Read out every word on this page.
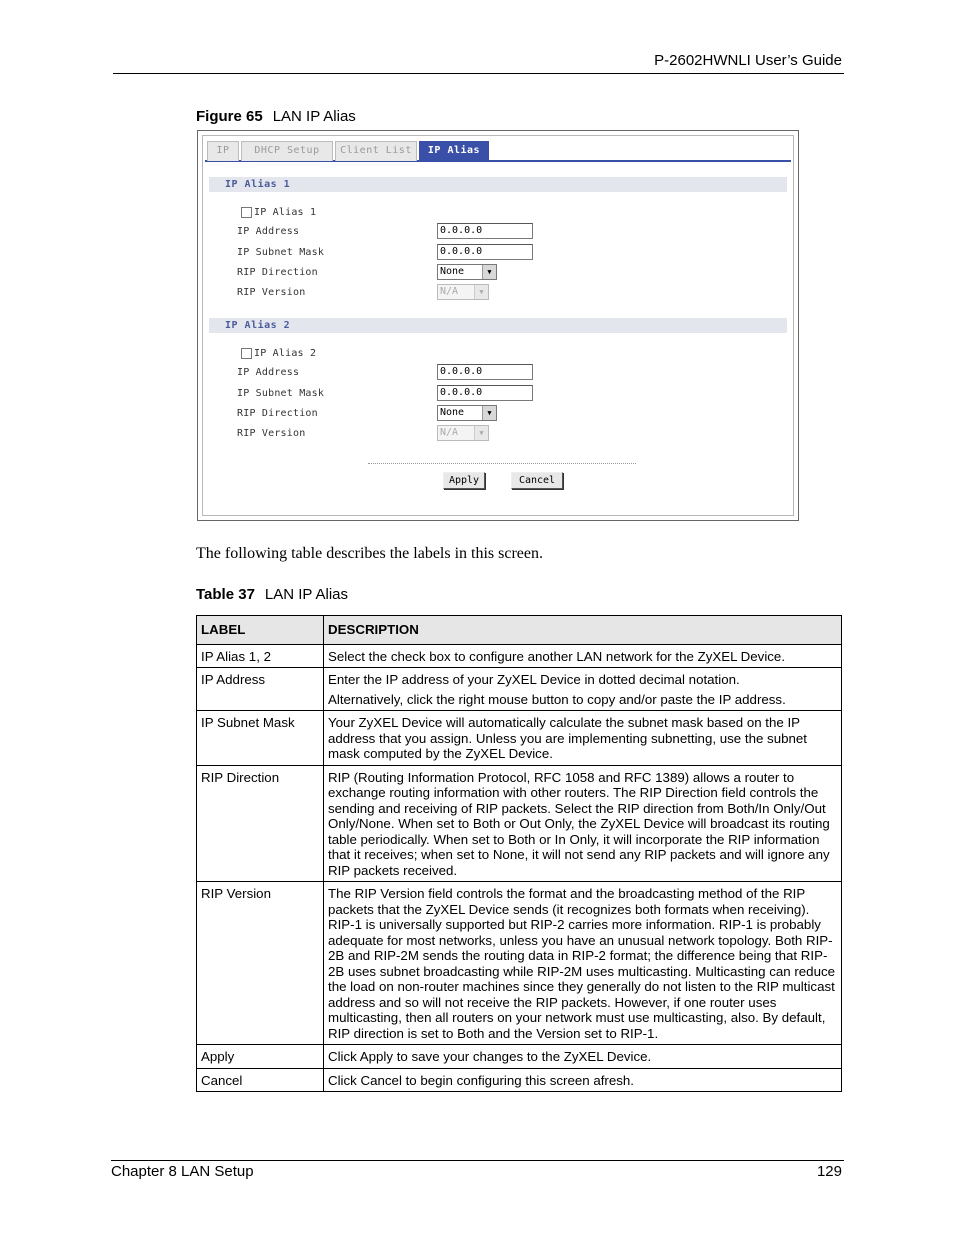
P-2602HWNLI User’s Guide
Figure 65 LAN IP Alias
IP	DHCP Setup	Client List	IP Alias
IP Alias 1
IP Alias 1
IP Address	0.0.0.0
IP Subnet Mask	0.0.0.0
RIP Direction	None	▼
RIP Version	N/A	▼
IP Alias 2
IP Alias 2
IP Address	0.0.0.0
IP Subnet Mask	0.0.0.0
RIP Direction	None	▼
RIP Version	N/A	▼
Apply	Cancel
The following table describes the labels in this screen.
Table 37 LAN IP Alias
LABEL	DESCRIPTION
IP Alias 1, 2	Select the check box to configure another LAN network for the ZyXEL Device.
IP Address	Enter the IP address of your ZyXEL Device in dotted decimal notation.

Alternatively, click the right mouse button to copy and/or paste the IP address.

IP Subnet Mask	Your ZyXEL Device will automatically calculate the subnet mask based on the IP address that you assign. Unless you are implementing subnetting, use the subnet mask computed by the ZyXEL Device.
RIP Direction	RIP (Routing Information Protocol, RFC 1058 and RFC 1389) allows a router to exchange routing information with other routers. The RIP Direction field controls the sending and receiving of RIP packets. Select the RIP direction from Both/In Only/Out Only/None. When set to Both or Out Only, the ZyXEL Device will broadcast its routing table periodically. When set to Both or In Only, it will incorporate the RIP information that it receives; when set to None, it will not send any RIP packets and will ignore any RIP packets received.
RIP Version	The RIP Version field controls the format and the broadcasting method of the RIP packets that the ZyXEL Device sends (it recognizes both formats when receiving). RIP-1 is universally supported but RIP-2 carries more information. RIP-1 is probably adequate for most networks, unless you have an unusual network topology. Both RIP-2B and RIP-2M sends the routing data in RIP-2 format; the difference being that RIP-2B uses subnet broadcasting while RIP-2M uses multicasting. Multicasting can reduce the load on non-router machines since they generally do not listen to the RIP multicast address and so will not receive the RIP packets. However, if one router uses multicasting, then all routers on your network must use multicasting, also. By default, RIP direction is set to Both and the Version set to RIP-1.
Apply	Click Apply to save your changes to the ZyXEL Device.
Cancel	Click Cancel to begin configuring this screen afresh.
Chapter 8 LAN Setup	129
